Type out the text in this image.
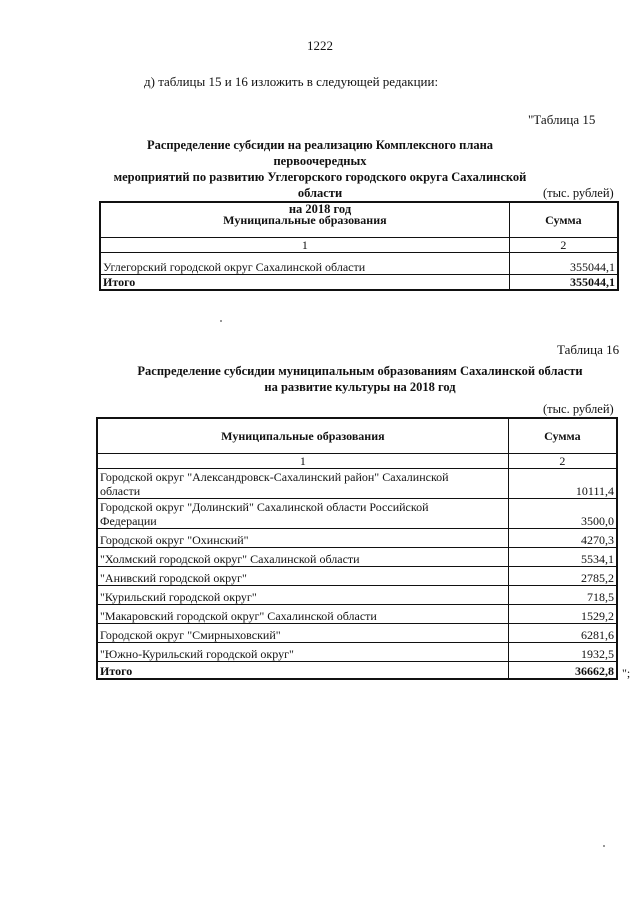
1222
д) таблицы 15 и 16 изложить в следующей редакции:
"Таблица 15
Распределение субсидии на реализацию Комплексного плана первоочередных
мероприятий по развитию Углегорского городского округа Сахалинской области
на 2018 год
(тыс. рублей)
Муниципальные образования	Сумма
1	2
Углегорский городской округ Сахалинской области	355044,1
Итого	355044,1
Таблица 16
Распределение субсидии муниципальным образованиям Сахалинской области
на развитие культуры на 2018 год
(тыс. рублей)
Муниципальные образования	Сумма
1	2

Городской округ "Александровск-Сахалинский район" Сахалинской
области	10111,4

Городской округ "Долинский" Сахалинской области Российской
Федерации	3500,0
Городской округ "Охинский"	4270,3
"Холмский городской округ" Сахалинской области	5534,1
"Анивский городской округ"	2785,2
"Курильский городской округ"	718,5
"Макаровский городской округ" Сахалинской области	1529,2
Городской округ "Смирныховский"	6281,6
"Южно-Курильский городской округ"	1932,5
Итого	36662,8 ";
